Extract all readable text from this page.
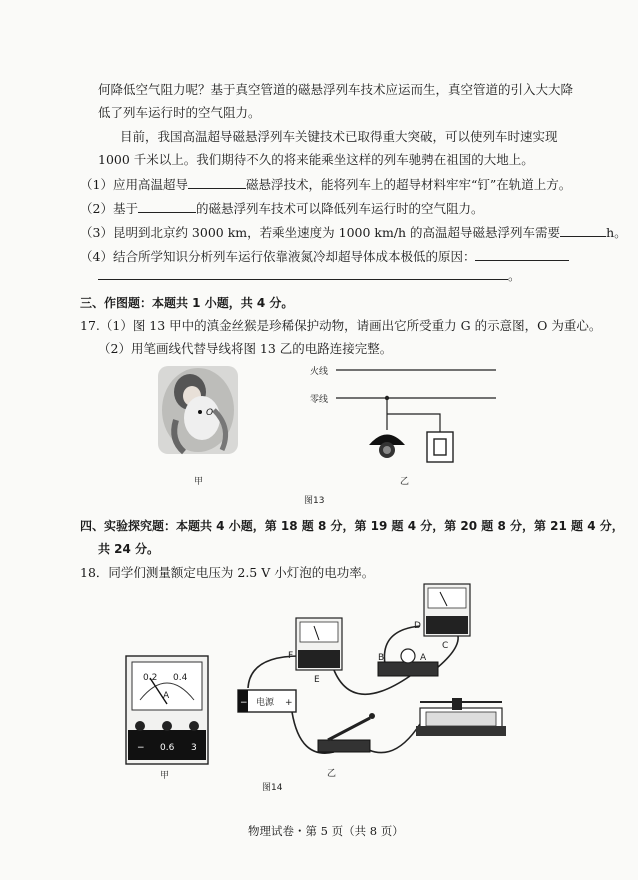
何降低空气阻力呢？基于真空管道的磁悬浮列车技术应运而生，真空管道的引入大大降
低了列车运行时的空气阻力。
目前，我国高温超导磁悬浮列车关键技术已取得重大突破，可以使列车时速实现
1000 千米以上。我们期待不久的将来能乘坐这样的列车驰骋在祖国的大地上。
（1）应用高温超导	磁悬浮技术，能将列车上的超导材料牢牢“钉”在轨道上方。
（2）基于	的磁悬浮列车技术可以降低列车运行时的空气阻力。
（3）昆明到北京约 3000 km，若乘坐速度为 1000 km/h 的高温超导磁悬浮列车需要	h。
（4）结合所学知识分析列车运行依靠液氮冷却超导体成本极低的原因：
。
三、作图题：本题共 1 小题，共 4 分。
17.（1）图 13 甲中的滇金丝猴是珍稀保护动物，请画出它所受重力 G 的示意图，O 为重心。
（2）用笔画线代替导线将图 13 乙的电路连接完整。
O
火线
零线
甲	乙
图13
四、实验探究题：本题共 4 小题，第 18 题 8 分，第 19 题 4 分，第 20 题 8 分，第 21 题 4 分，
共 24 分。
18．同学们测量额定电压为 2.5 V 小灯泡的电功率。
0.2 0.4
A
− 0.6 3
甲
电源 +
−
F
E
D
C
B	A
乙
图14
物理试卷・第 5 页（共 8 页）
